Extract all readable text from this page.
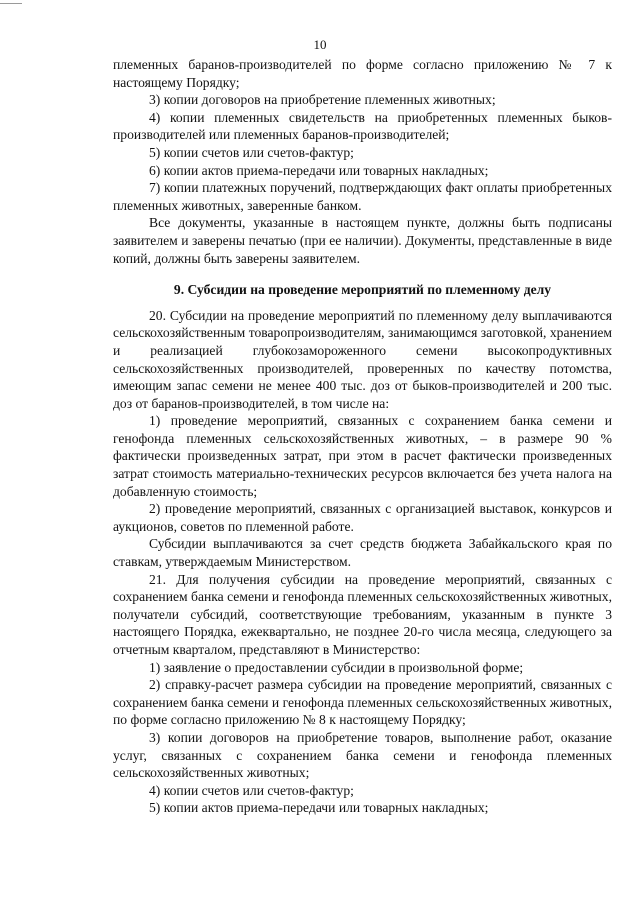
10

племенных баранов-производителей по форме согласно приложению № 7 к настоящему Порядку;

3) копии договоров на приобретение племенных животных;

4) копии племенных свидетельств на приобретенных племенных быков-производителей или племенных баранов-производителей;

5) копии счетов или счетов-фактур;

6) копии актов приема-передачи или товарных накладных;

7) копии платежных поручений, подтверждающих факт оплаты приобретенных племенных животных, заверенные банком.

Все документы, указанные в настоящем пункте, должны быть подписаны заявителем и заверены печатью (при ее наличии). Документы, представленные в виде копий, должны быть заверены заявителем.

9. Субсидии на проведение мероприятий по племенному делу

20. Субсидии на проведение мероприятий по племенному делу выплачиваются сельскохозяйственным товаропроизводителям, занимающимся заготовкой, хранением и реализацией глубокозамороженного семени высокопродуктивных сельскохозяйственных производителей, проверенных по качеству потомства, имеющим запас семени не менее 400 тыс. доз от быков-производителей и 200 тыс. доз от баранов-производителей, в том числе на:

1) проведение мероприятий, связанных с сохранением банка семени и генофонда племенных сельскохозяйственных животных, – в размере 90 % фактически произведенных затрат, при этом в расчет фактически произведенных затрат стоимость материально-технических ресурсов включается без учета налога на добавленную стоимость;

2) проведение мероприятий, связанных с организацией выставок, конкурсов и аукционов, советов по племенной работе.

Субсидии выплачиваются за счет средств бюджета Забайкальского края по ставкам, утверждаемым Министерством.

21. Для получения субсидии на проведение мероприятий, связанных с сохранением банка семени и генофонда племенных сельскохозяйственных животных, получатели субсидий, соответствующие требованиям, указанным в пункте 3 настоящего Порядка, ежеквартально, не позднее 20-го числа месяца, следующего за отчетным кварталом, представляют в Министерство:

1) заявление о предоставлении субсидии в произвольной форме;

2) справку-расчет размера субсидии на проведение мероприятий, связанных с сохранением банка семени и генофонда племенных сельскохозяйственных животных, по форме согласно приложению № 8 к настоящему Порядку;

3) копии договоров на приобретение товаров, выполнение работ, оказание услуг, связанных с сохранением банка семени и генофонда племенных сельскохозяйственных животных;

4) копии счетов или счетов-фактур;

5) копии актов приема-передачи или товарных накладных;
